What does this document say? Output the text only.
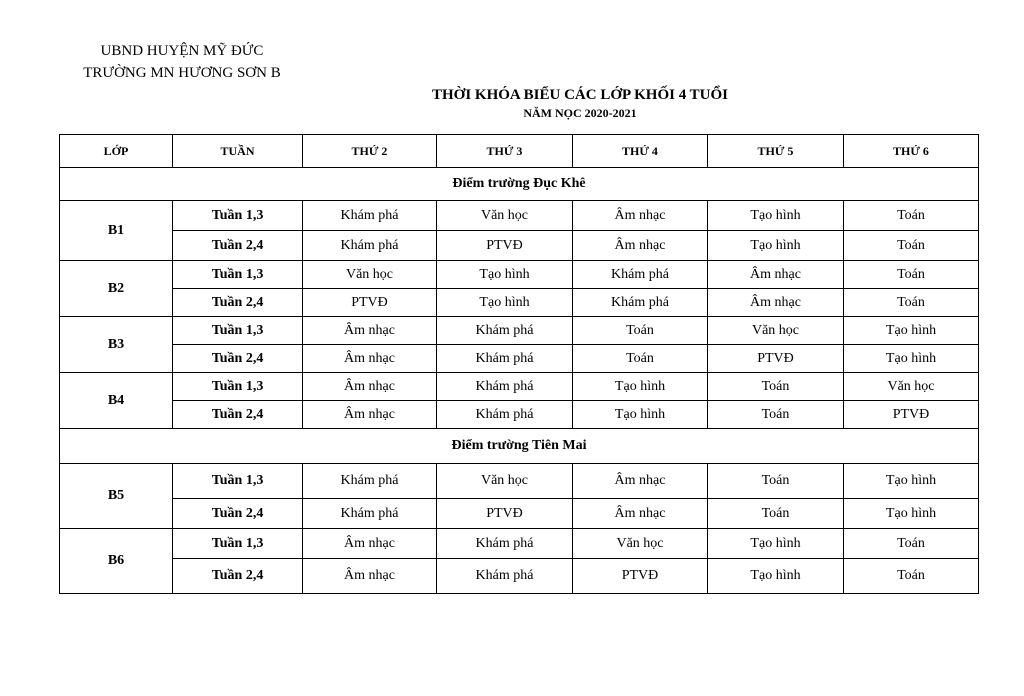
UBND HUYỆN MỸ ĐỨC
TRƯỜNG MN HƯƠNG SƠN B
THỜI KHÓA BIỂU CÁC LỚP KHỐI 4 TUỔI
NĂM NỌC 2020-2021
LỚP	TUẦN	THỨ 2	THỨ 3	THỨ 4	THỨ 5	THỨ 6
Điểm trường Đục Khê						
B1	Tuần 1,3	Khám phá	Văn học	Âm nhạc	Tạo hình	Toán
	Tuần 2,4	Khám phá	PTVĐ	Âm nhạc	Tạo hình	Toán
B2	Tuần 1,3	Văn học	Tạo hình	Khám phá	Âm nhạc	Toán
	Tuần 2,4	PTVĐ	Tạo hình	Khám phá	Âm nhạc	Toán
B3	Tuần 1,3	Âm nhạc	Khám phá	Toán	Văn học	Tạo hình
	Tuần 2,4	Âm nhạc	Khám phá	Toán	PTVĐ	Tạo hình
B4	Tuần 1,3	Âm nhạc	Khám phá	Tạo hình	Toán	Văn học
	Tuần 2,4	Âm nhạc	Khám phá	Tạo hình	Toán	PTVĐ
Điểm trường Tiên Mai						
B5	Tuần 1,3	Khám phá	Văn học	Âm nhạc	Toán	Tạo hình
	Tuần 2,4	Khám phá	PTVĐ	Âm nhạc	Toán	Tạo hình
B6	Tuần 1,3	Âm nhạc	Khám phá	Văn học	Tạo hình	Toán
	Tuần 2,4	Âm nhạc	Khám phá	PTVĐ	Tạo hình	Toán
